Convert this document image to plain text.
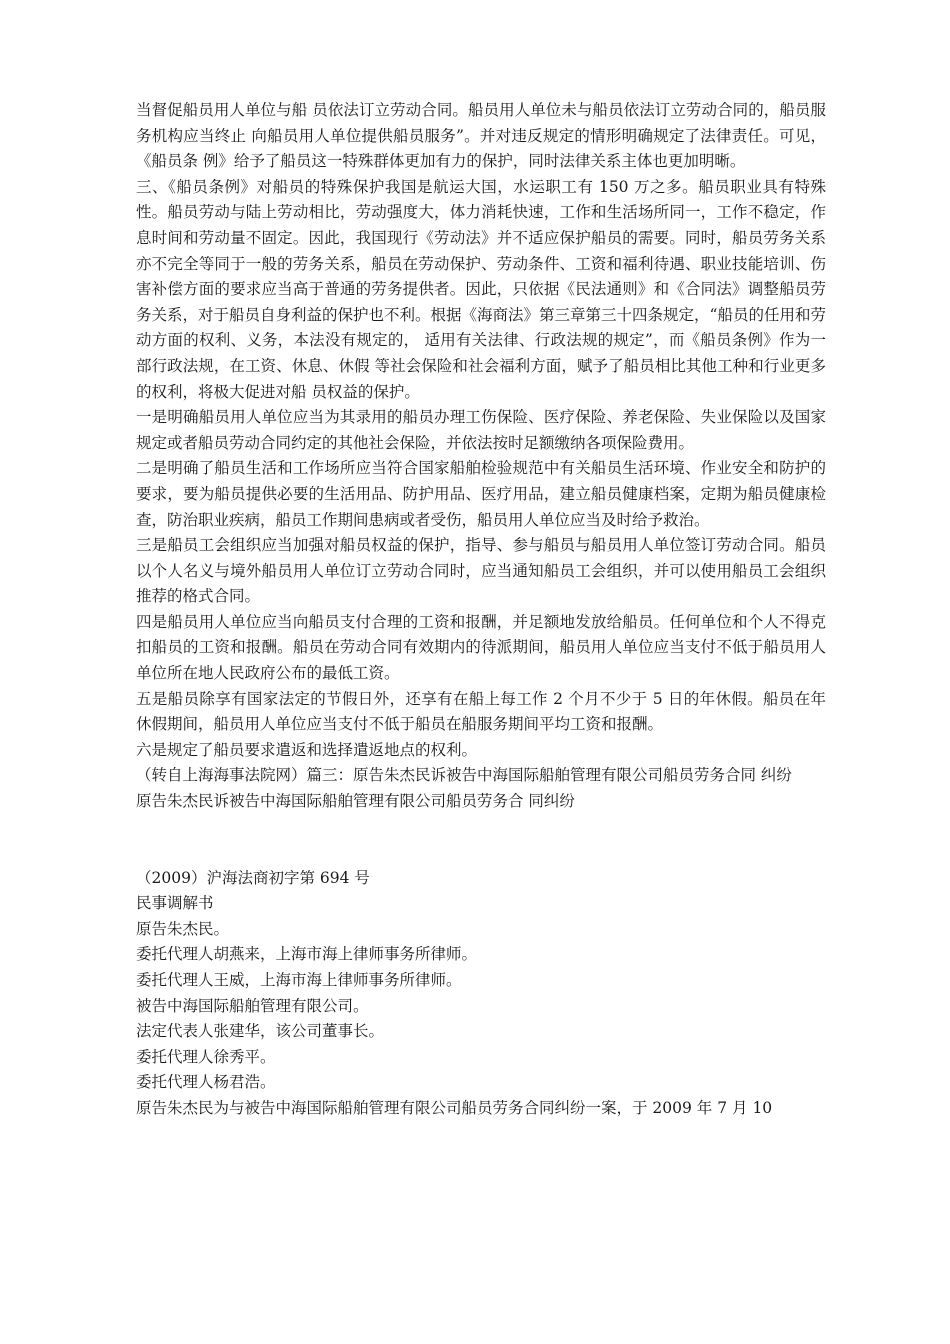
当督促船员用人单位与船 员依法订立劳动合同。船员用人单位未与船员依法订立劳动合同的，船员服务机构应当终止 向船员用人单位提供船员服务”。并对违反规定的情形明确规定了法律责任。可见，《船员条 例》给予了船员这一特殊群体更加有力的保护，同时法律关系主体也更加明晰。

三、《船员条例》对船员的特殊保护我国是航运大国，水运职工有 150 万之多。船员职业具有特殊性。船员劳动与陆上劳动相比，劳动强度大，体力消耗快速，工作和生活场所同一，工作不稳定，作息时间和劳动量不固定。因此，我国现行《劳动法》并不适应保护船员的需要。同时，船员劳务关系亦不完全等同于一般的劳务关系，船员在劳动保护、劳动条件、工资和福利待遇、职业技能培训、伤害补偿方面的要求应当高于普通的劳务提供者。因此，只依据《民法通则》和《合同法》调整船员劳务关系，对于船员自身利益的保护也不利。根据《海商法》第三章第三十四条规定，“船员的任用和劳动方面的权利、义务，本法没有规定的， 适用有关法律、行政法规的规定”，而《船员条例》作为一部行政法规，在工资、休息、休假 等社会保险和社会福利方面，赋予了船员相比其他工种和行业更多的权利，将极大促进对船 员权益的保护。

一是明确船员用人单位应当为其录用的船员办理工伤保险、医疗保险、养老保险、失业保险以及国家规定或者船员劳动合同约定的其他社会保险，并依法按时足额缴纳各项保险费用。

二是明确了船员生活和工作场所应当符合国家船舶检验规范中有关船员生活环境、作业安全和防护的要求，要为船员提供必要的生活用品、防护用品、医疗用品，建立船员健康档案，定期为船员健康检查，防治职业疾病，船员工作期间患病或者受伤，船员用人单位应当及时给予救治。

三是船员工会组织应当加强对船员权益的保护，指导、参与船员与船员用人单位签订劳动合同。船员以个人名义与境外船员用人单位订立劳动合同时，应当通知船员工会组织，并可以使用船员工会组织推荐的格式合同。

四是船员用人单位应当向船员支付合理的工资和报酬，并足额地发放给船员。任何单位和个人不得克扣船员的工资和报酬。船员在劳动合同有效期内的待派期间，船员用人单位应当支付不低于船员用人单位所在地人民政府公布的最低工资。

五是船员除享有国家法定的节假日外，还享有在船上每工作 2 个月不少于 5 日的年休假。船员在年休假期间，船员用人单位应当支付不低于船员在船服务期间平均工资和报酬。

六是规定了船员要求遣返和选择遣返地点的权利。

（转自上海海事法院网）篇三：原告朱杰民诉被告中海国际船舶管理有限公司船员劳务合同 纠纷

原告朱杰民诉被告中海国际船舶管理有限公司船员劳务合 同纠纷

（2009）沪海法商初字第 694 号

民事调解书

原告朱杰民。

委托代理人胡燕来，上海市海上律师事务所律师。

委托代理人王威，上海市海上律师事务所律师。

被告中海国际船舶管理有限公司。

法定代表人张建华，该公司董事长。

委托代理人徐秀平。

委托代理人杨君浩。

原告朱杰民为与被告中海国际船舶管理有限公司船员劳务合同纠纷一案，于 2009 年 7 月 10
